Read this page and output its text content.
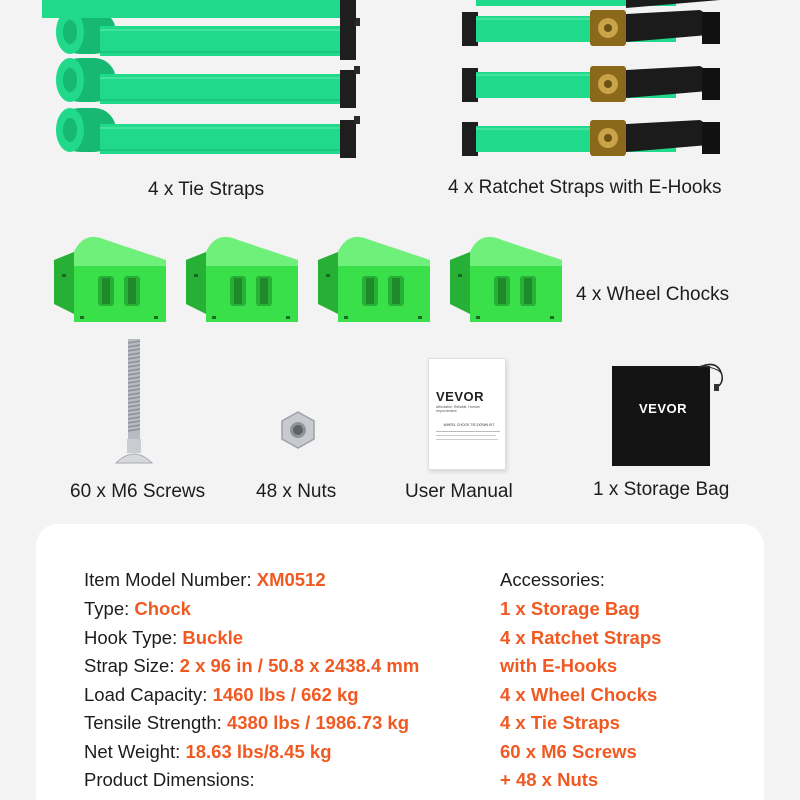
VEVOR
Affordable, Reliable, Human Improvement.
WHEEL CHOCK TIE-DOWN KIT
VEVOR
4 x Tie Straps	4 x Ratchet Straps with E-Hooks
4 x Wheel Chocks
60 x M6 Screws	48 x Nuts	User Manual	1 x Storage Bag
Item Model Number: XM0512
Type: Chock
Hook Type: Buckle
Strap Size: 2 x 96 in / 50.8 x 2438.4 mm
Load Capacity: 1460 lbs / 662 kg
Tensile Strength: 4380 lbs / 1986.73 kg
Net Weight: 18.63 lbs/8.45 kg
Product Dimensions:
Accessories:
1 x Storage Bag
4 x Ratchet Straps
with E-Hooks
4 x Wheel Chocks
4 x Tie Straps
60 x M6 Screws
+ 48 x Nuts
